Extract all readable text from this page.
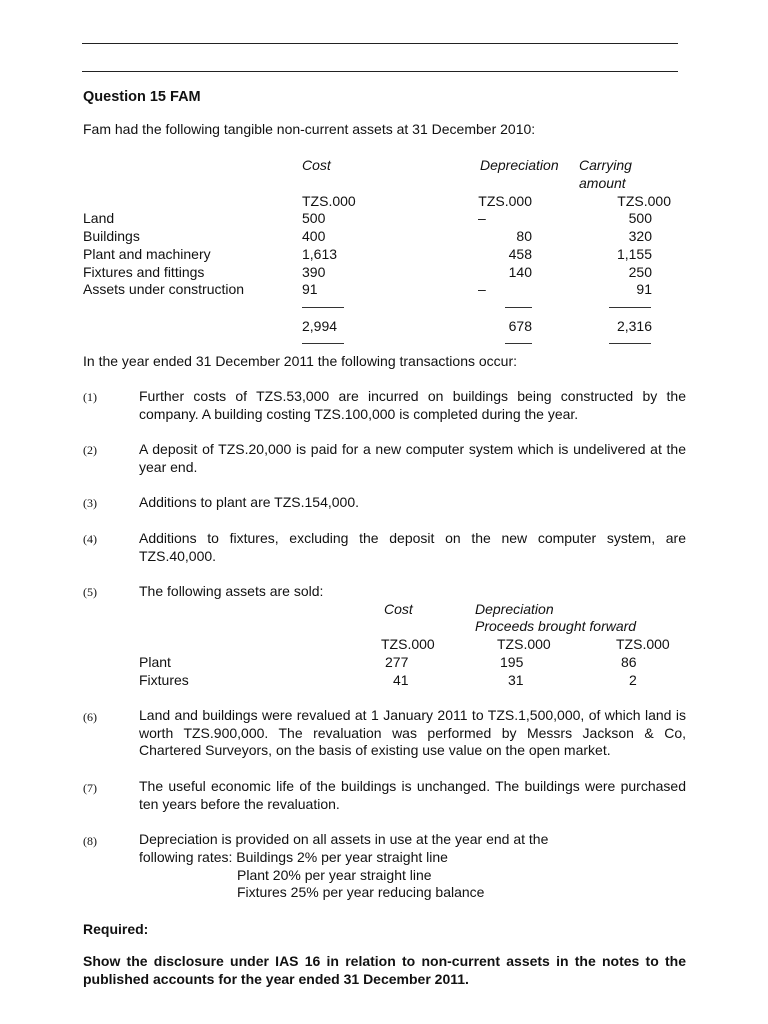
Question 15 FAM
Fam had the following tangible non-current assets at 31 December 2010:
Cost	Depreciation Carrying
amount
TZS.000	TZS.000	TZS.000
Land	500	–	500
Buildings	400	80	320
Plant and machinery	1,613	458	1,155
Fixtures and fittings	390	140	250
Assets under construction	91	–	91
2,994	678	2,316
In the year ended 31 December 2011 the following transactions occur:
(1)	Further costs of TZS.53,000 are incurred on buildings being constructed by the company. A building costing TZS.100,000 is completed during the year.
(2)	A deposit of TZS.20,000 is paid for a new computer system which is undelivered at the year end.
(3)	Additions to plant are TZS.154,000.
(4)	Additions to fixtures, excluding the deposit on the new computer system, are TZS.40,000.
(5)	The following assets are sold:
Cost	Depreciation
Proceeds brought forward
TZS.000	TZS.000	TZS.000
Plant	277	195	86
Fixtures	41	31	2
(6)	Land and buildings were revalued at 1 January 2011 to TZS.1,500,000, of which land is worth TZS.900,000. The revaluation was performed by Messrs Jackson & Co, Chartered Surveyors, on the basis of existing use value on the open market.
(7)	The useful economic life of the buildings is unchanged. The buildings were purchased ten years before the revaluation.
(8)	Depreciation is provided on all assets in use at the year end at the
following rates: Buildings 2% per year straight line
Plant 20% per year straight line
Fixtures 25% per year reducing balance
Required:
Show the disclosure under IAS 16 in relation to non-current assets in the notes to the published accounts for the year ended 31 December 2011.
